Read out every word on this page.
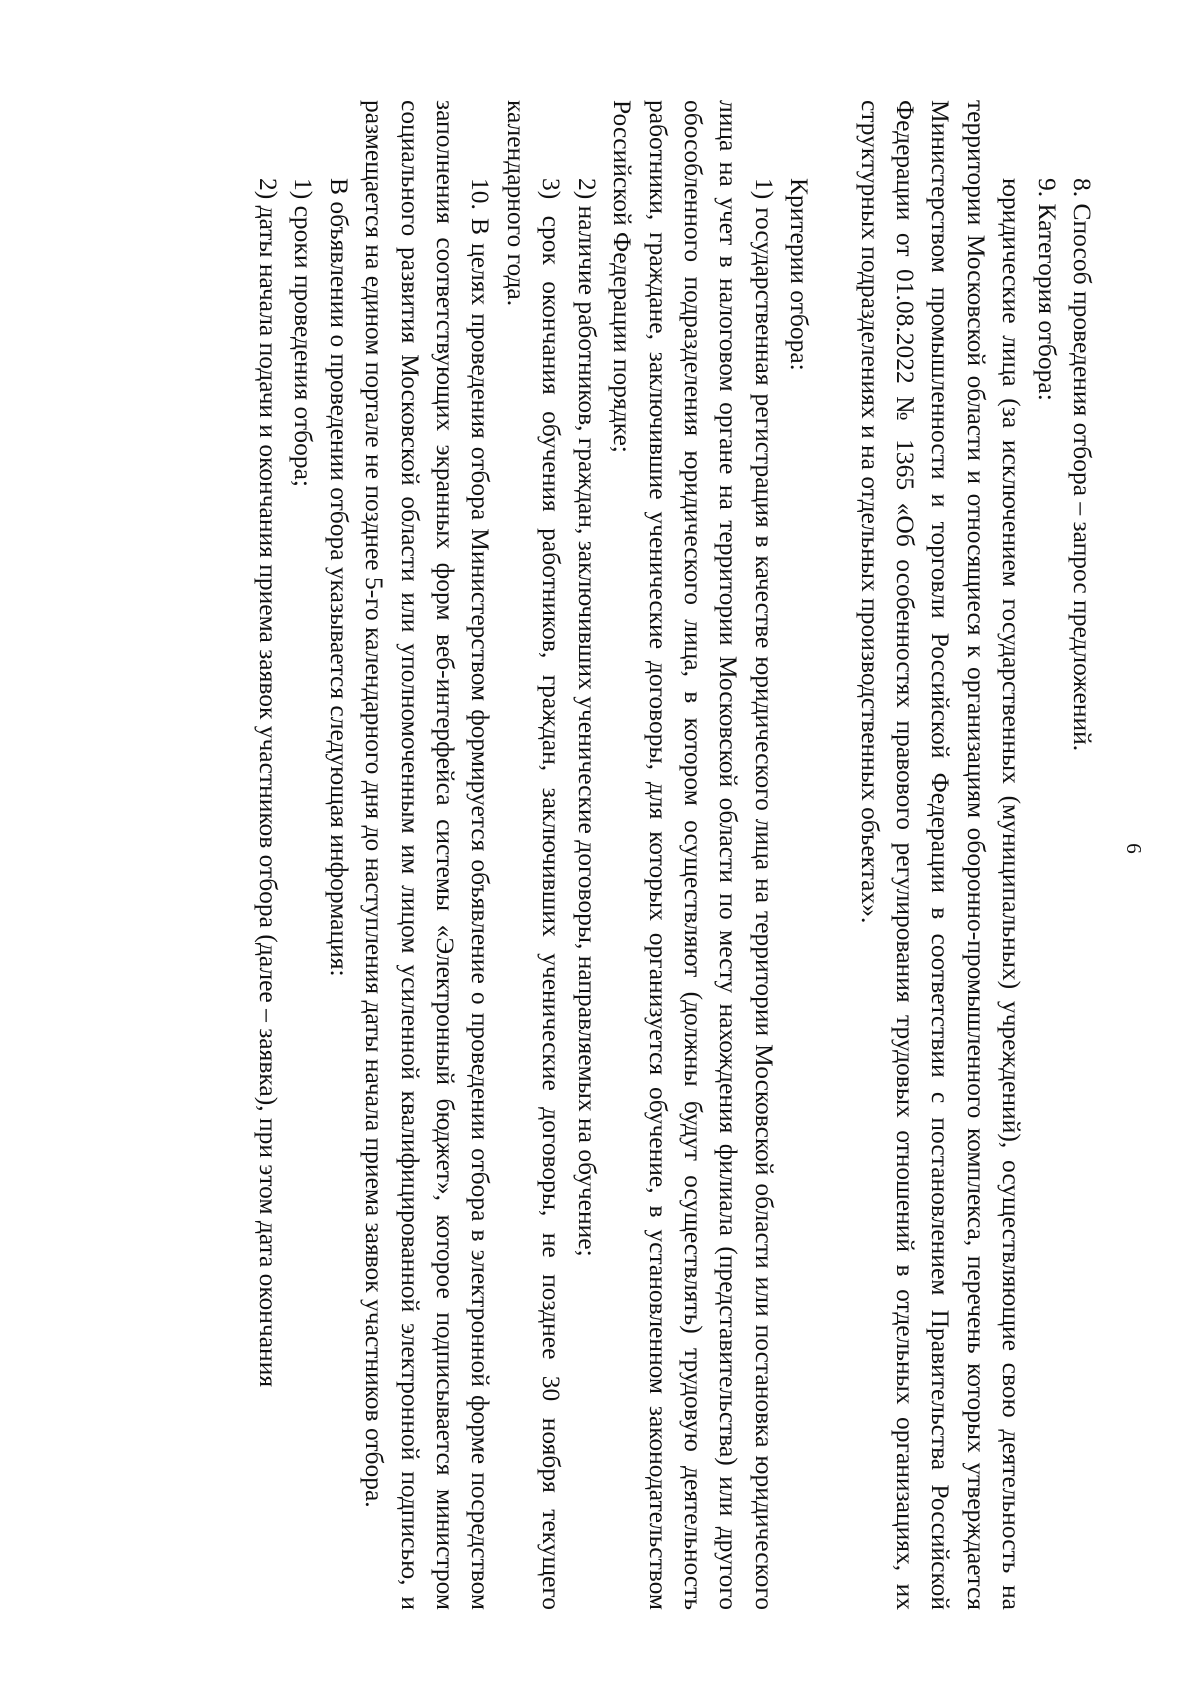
6

8. Способ проведения отбора – запрос предложений.

9. Категория отбора:

юридические лица (за исключением государственных (муниципальных) учреждений), осуществляющие свою деятельность на территории Московской области и относящиеся к организациям оборонно-промышленного комплекса, перечень которых утверждается Министерством промышленности и торговли Российской Федерации в соответствии с постановлением Правительства Российской Федерации от 01.08.2022 № 1365 «Об особенностях правового регулирования трудовых отношений в отдельных организациях, их структурных подразделениях и на отдельных производственных объектах».

Критерии отбора:

1) государственная регистрация в качестве юридического лица на территории Московской области или постановка юридического лица на учет в налоговом органе на территории Московской области по месту нахождения филиала (представительства) или другого обособленного подразделения юридического лица, в котором осуществляют (должны будут осуществлять) трудовую деятельность работники, граждане, заключившие ученические договоры, для которых организуется обучение, в установленном законодательством Российской Федерации порядке;

2) наличие работников, граждан, заключивших ученические договоры, направляемых на обучение;

3) срок окончания обучения работников, граждан, заключивших ученические договоры, не позднее 30 ноября текущего календарного года.

10. В целях проведения отбора Министерством формируется объявление о проведении отбора в электронной форме посредством заполнения соответствующих экранных форм веб-интерфейса системы «Электронный бюджет», которое подписывается министром социального развития Московской области или уполномоченным им лицом усиленной квалифицированной электронной подписью, и размещается на едином портале не позднее 5-го календарного дня до наступления даты начала приема заявок участников отбора.

В объявлении о проведении отбора указывается следующая информация:

1) сроки проведения отбора;

2) даты начала подачи и окончания приема заявок участников отбора (далее – заявка), при этом дата окончания
